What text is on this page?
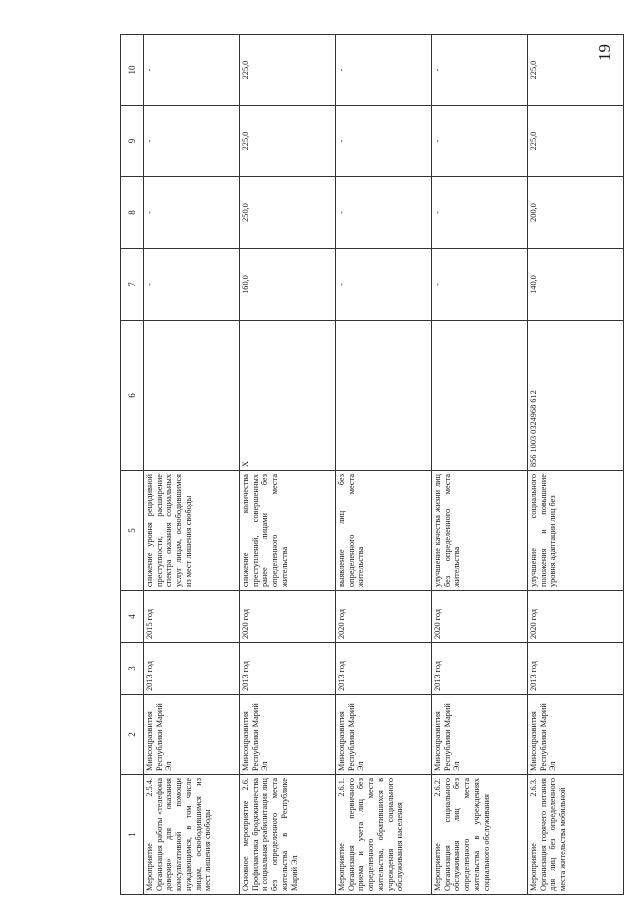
19
1	2	3	4	5	6	7	8	9	10
Мероприятие 2.5.4. Организация работы «телефона доверия» для оказания консультативной помощи нуждающимся, в том числе лицам, освободившимся из мест лишения свободы	Минсоцразвития Республики Марий Эл	2013 год	2015 год	снижение уровня рецидивной преступности, расширение спектра оказания социальных услуг лицам, освободившимся из мест лишения свободы		-	-	-	-
Основное мероприятие 2.6. Профилактика бродяжничества и социальная реабилитация лиц без определенного места жительства в Республике Марий Эл	Минсоцразвития Республики Марий Эл	2013 год	2020 год	снижение количества преступлений, совершенных ранее лицами без определенного места жительства	X	160,0	250,0	225,0	225,0
Мероприятие 2.6.1. Организация первичного приема и учета лиц без определенного места жительства, обратившихся в учреждения социального обслуживания населения	Минсоцразвития Республики Марий Эл	2013 год	2020 год	выявление лиц без определенного места жительства		-	-	-	-
Мероприятие 2.6.2. Организация социального обслуживания лиц без определенного места жительства в учреждениях социального обслуживания	Минсоцразвития Республики Марий Эл	2013 год	2020 год	улучшение качества жизни лиц без определенного места жительства		-	-	-	-
Мероприятие 2.6.3. Организация горячего питания для лиц без определенного места жительства мобильной	Минсоцразвития Республики Марий Эл	2013 год	2020 год	улучшение социального положения и повышение уровня адаптации лиц без	856 1003 0324968 612	140,0	200,0	225,0	225,0
